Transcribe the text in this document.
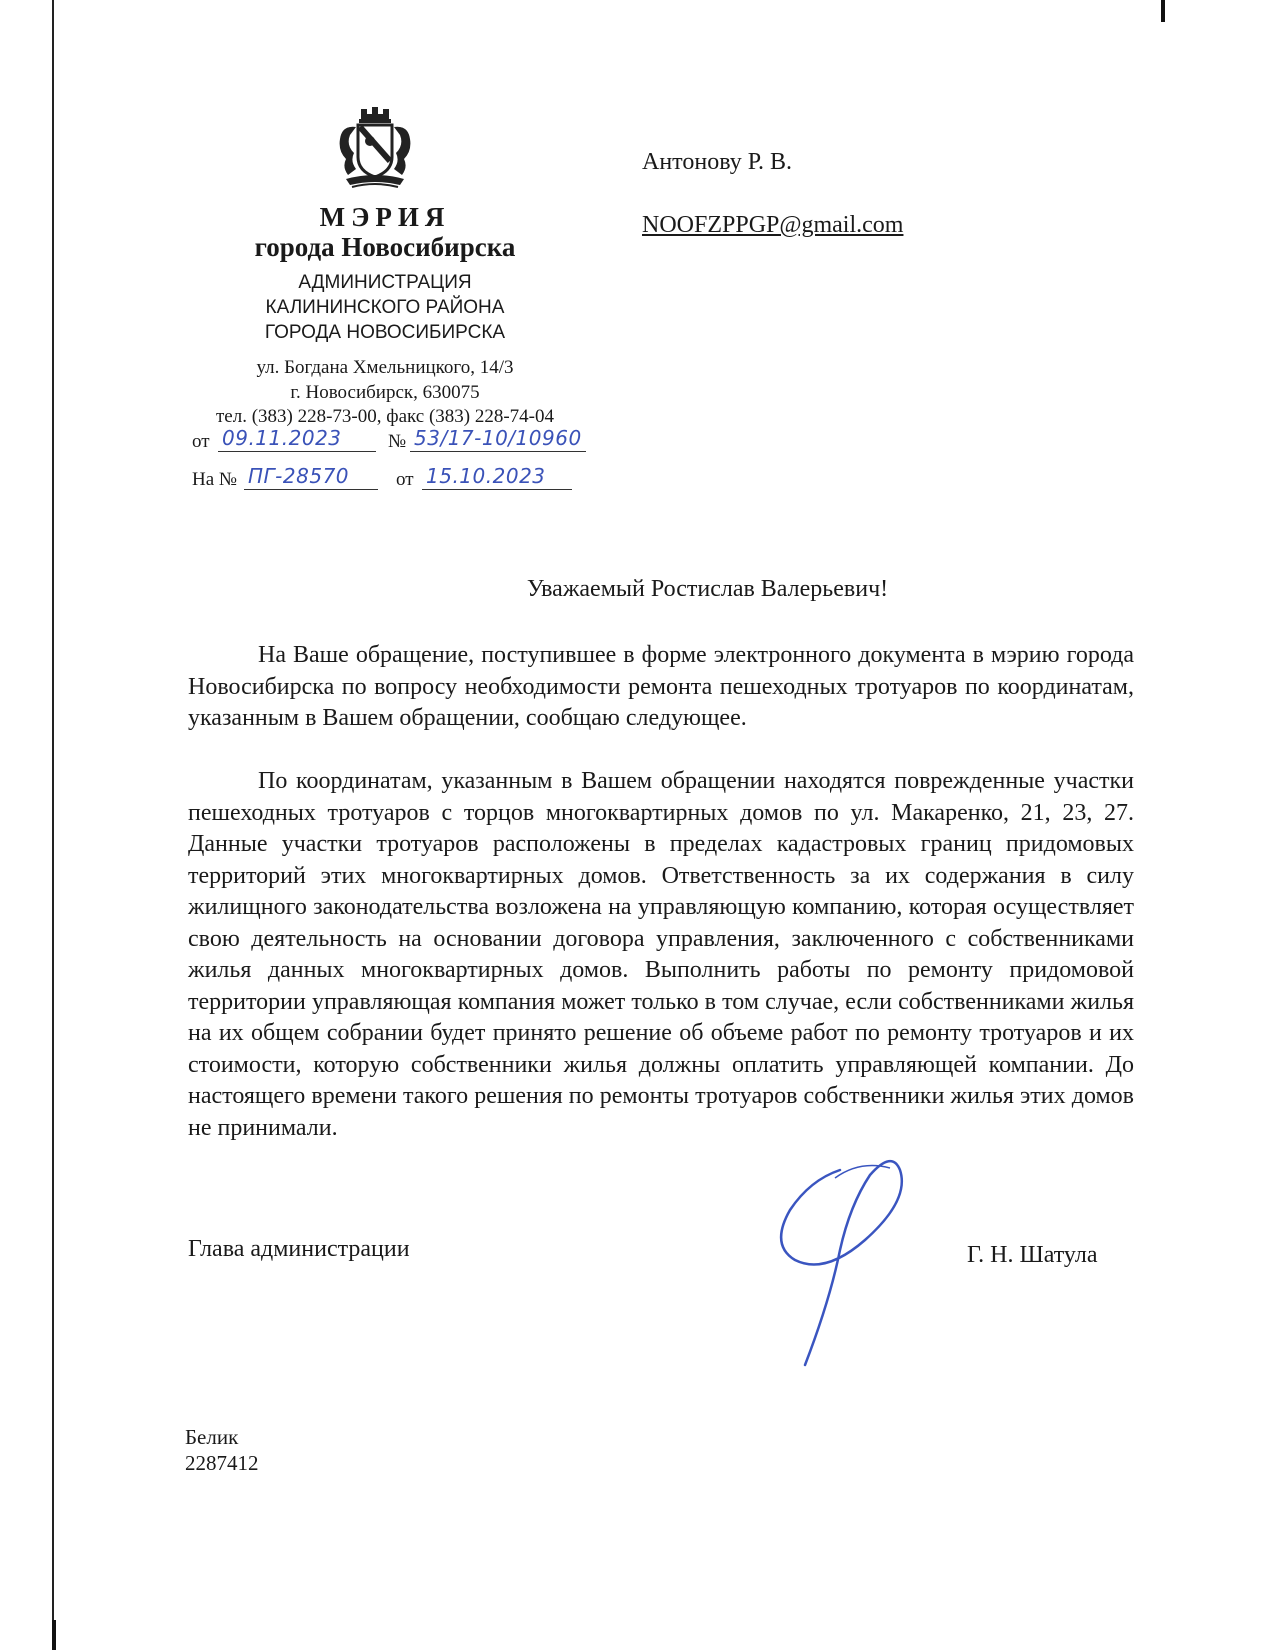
МЭРИЯ
города Новосибирска
АДМИНИСТРАЦИЯ
КАЛИНИНСКОГО РАЙОНА
ГОРОДА НОВОСИБИРСКА
ул. Богдана Хмельницкого, 14/3
г. Новосибирск, 630075
тел. (383) 228-73-00, факс (383) 228-74-04
от 09.11.2023 № 53/17-10/10960
На № ПГ-28570 от 15.10.2023
Антонову Р. В.
NOOFZPPGP@gmail.com
Уважаемый Ростислав Валерьевич!

На Ваше обращение, поступившее в форме электронного документа в мэрию города Новосибирска по вопросу необходимости ремонта пешеходных тротуаров по координатам, указанным в Вашем обращении, сообщаю следующее.

По координатам, указанным в Вашем обращении находятся поврежденные участки пешеходных тротуаров с торцов многоквартирных домов по ул. Макаренко, 21, 23, 27. Данные участки тротуаров расположены в пределах кадастровых границ придомовых территорий этих многоквартирных домов. Ответственность за их содержания в силу жилищного законодательства возложена на управляющую компанию, которая осуществляет свою деятельность на основании договора управления, заключенного с собственниками жилья данных многоквартирных домов. Выполнить работы по ремонту придомовой территории управляющая компания может только в том случае, если собственниками жилья на их общем собрании будет принято решение об объеме работ по ремонту тротуаров и их стоимости, которую собственники жилья должны оплатить управляющей компании. До настоящего времени такого решения по ремонты тротуаров собственники жилья этих домов не принимали.

Глава администрации	Г. Н. Шатула
Белик
2287412
